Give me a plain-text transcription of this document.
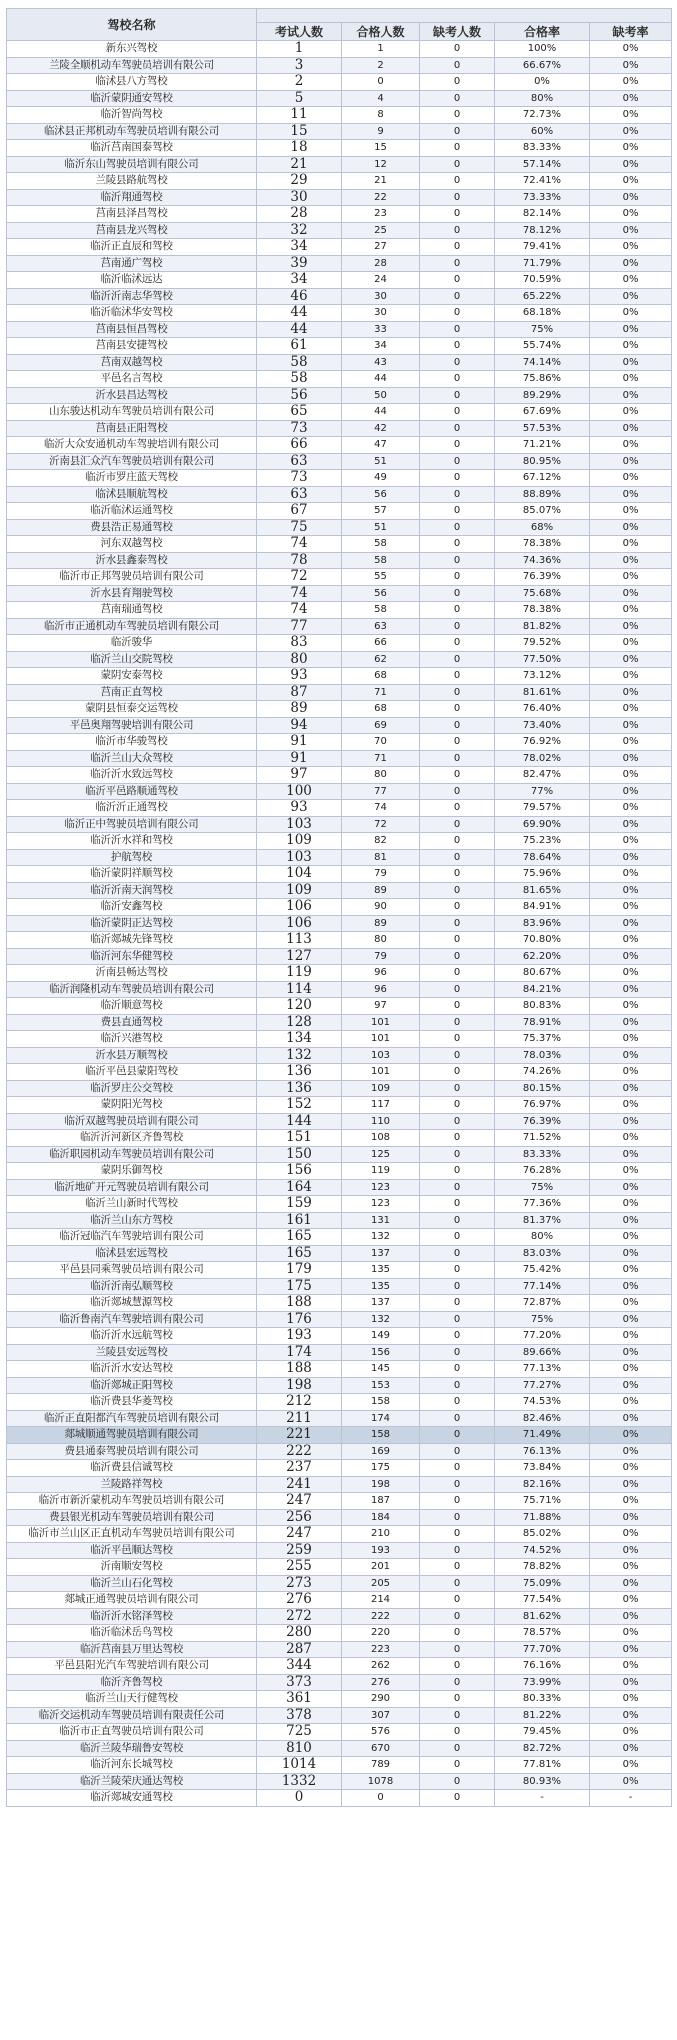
驾校名称					
	考试人数	合格人数	缺考人数	合格率	缺考率
新东兴驾校	1	1	0	100%	0%
兰陵全顺机动车驾驶员培训有限公司	3	2	0	66.67%	0%
临沭县八方驾校	2	0	0	0%	0%
临沂蒙阴通安驾校	5	4	0	80%	0%
临沂智尚驾校	11	8	0	72.73%	0%
临沭县正邦机动车驾驶员培训有限公司	15	9	0	60%	0%
临沂莒南国泰驾校	18	15	0	83.33%	0%
临沂东山驾驶员培训有限公司	21	12	0	57.14%	0%
兰陵县路航驾校	29	21	0	72.41%	0%
临沂翔通驾校	30	22	0	73.33%	0%
莒南县泽昌驾校	28	23	0	82.14%	0%
莒南县龙兴驾校	32	25	0	78.12%	0%
临沂正直辰和驾校	34	27	0	79.41%	0%
莒南通广驾校	39	28	0	71.79%	0%
临沂临沭远达	34	24	0	70.59%	0%
临沂沂南志华驾校	46	30	0	65.22%	0%
临沂临沭华安驾校	44	30	0	68.18%	0%
莒南县恒昌驾校	44	33	0	75%	0%
莒南县安捷驾校	61	34	0	55.74%	0%
莒南双越驾校	58	43	0	74.14%	0%
平邑名言驾校	58	44	0	75.86%	0%
沂水县昌达驾校	56	50	0	89.29%	0%
山东骏达机动车驾驶员培训有限公司	65	44	0	67.69%	0%
莒南县正阳驾校	73	42	0	57.53%	0%
临沂大众安通机动车驾驶培训有限公司	66	47	0	71.21%	0%
沂南县汇众汽车驾驶员培训有限公司	63	51	0	80.95%	0%
临沂市罗庄蓝天驾校	73	49	0	67.12%	0%
临沭县顺航驾校	63	56	0	88.89%	0%
临沂临沭运通驾校	67	57	0	85.07%	0%
费县浩正易通驾校	75	51	0	68%	0%
河东双越驾校	74	58	0	78.38%	0%
沂水县鑫泰驾校	78	58	0	74.36%	0%
临沂市正邦驾驶员培训有限公司	72	55	0	76.39%	0%
沂水县育翔驶驾校	74	56	0	75.68%	0%
莒南瑞通驾校	74	58	0	78.38%	0%
临沂市正通机动车驾驶员培训有限公司	77	63	0	81.82%	0%
临沂骏华	83	66	0	79.52%	0%
临沂兰山交院驾校	80	62	0	77.50%	0%
蒙阴安泰驾校	93	68	0	73.12%	0%
莒南正直驾校	87	71	0	81.61%	0%
蒙阴县恒泰交运驾校	89	68	0	76.40%	0%
平邑奥翔驾驶培训有限公司	94	69	0	73.40%	0%
临沂市华骏驾校	91	70	0	76.92%	0%
临沂兰山大众驾校	91	71	0	78.02%	0%
临沂沂水致远驾校	97	80	0	82.47%	0%
临沂平邑路顺通驾校	100	77	0	77%	0%
临沂沂正通驾校	93	74	0	79.57%	0%
临沂正中驾驶员培训有限公司	103	72	0	69.90%	0%
临沂沂水祥和驾校	109	82	0	75.23%	0%
护航驾校	103	81	0	78.64%	0%
临沂蒙阴祥顺驾校	104	79	0	75.96%	0%
临沂沂南天润驾校	109	89	0	81.65%	0%
临沂安鑫驾校	106	90	0	84.91%	0%
临沂蒙阴正达驾校	106	89	0	83.96%	0%
临沂郯城先锋驾校	113	80	0	70.80%	0%
临沂河东华健驾校	127	79	0	62.20%	0%
沂南县畅达驾校	119	96	0	80.67%	0%
临沂润隆机动车驾驶员培训有限公司	114	96	0	84.21%	0%
临沂顺意驾校	120	97	0	80.83%	0%
费县直通驾校	128	101	0	78.91%	0%
临沂兴港驾校	134	101	0	75.37%	0%
沂水县万顺驾校	132	103	0	78.03%	0%
临沂平邑县蒙阳驾校	136	101	0	74.26%	0%
临沂罗庄公交驾校	136	109	0	80.15%	0%
蒙阴阳光驾校	152	117	0	76.97%	0%
临沂双越驾驶员培训有限公司	144	110	0	76.39%	0%
临沂沂河新区齐鲁驾校	151	108	0	71.52%	0%
临沂职园机动车驾驶员培训有限公司	150	125	0	83.33%	0%
蒙阴乐御驾校	156	119	0	76.28%	0%
临沂地矿开元驾驶员培训有限公司	164	123	0	75%	0%
临沂兰山新时代驾校	159	123	0	77.36%	0%
临沂兰山东方驾校	161	131	0	81.37%	0%
临沂冠临汽车驾驶培训有限公司	165	132	0	80%	0%
临沭县宏远驾校	165	137	0	83.03%	0%
平邑县同乘驾驶员培训有限公司	179	135	0	75.42%	0%
临沂沂南弘顺驾校	175	135	0	77.14%	0%
临沂郯城慧源驾校	188	137	0	72.87%	0%
临沂鲁南汽车驾驶培训有限公司	176	132	0	75%	0%
临沂沂水远航驾校	193	149	0	77.20%	0%
兰陵县安远驾校	174	156	0	89.66%	0%
临沂沂水安达驾校	188	145	0	77.13%	0%
临沂郯城正阳驾校	198	153	0	77.27%	0%
临沂费县华菱驾校	212	158	0	74.53%	0%
临沂正直阳都汽车驾驶员培训有限公司	211	174	0	82.46%	0%
郯城顺通驾驶员培训有限公司	221	158	0	71.49%	0%
费县通泰驾驶员培训有限公司	222	169	0	76.13%	0%
临沂费县信诚驾校	237	175	0	73.84%	0%
兰陵路祥驾校	241	198	0	82.16%	0%
临沂市新沂蒙机动车驾驶员培训有限公司	247	187	0	75.71%	0%
费县银光机动车驾驶员培训有限公司	256	184	0	71.88%	0%
临沂市兰山区正直机动车驾驶员培训有限公司	247	210	0	85.02%	0%
临沂平邑顺达驾校	259	193	0	74.52%	0%
沂南顺安驾校	255	201	0	78.82%	0%
临沂兰山石化驾校	273	205	0	75.09%	0%
郯城正通驾驶员培训有限公司	276	214	0	77.54%	0%
临沂沂水铭泽驾校	272	222	0	81.62%	0%
临沂临沭岳鸟驾校	280	220	0	78.57%	0%
临沂莒南县万里达驾校	287	223	0	77.70%	0%
平邑县阳光汽车驾驶培训有限公司	344	262	0	76.16%	0%
临沂齐鲁驾校	373	276	0	73.99%	0%
临沂兰山天行健驾校	361	290	0	80.33%	0%
临沂交运机动车驾驶员培训有限责任公司	378	307	0	81.22%	0%
临沂市正直驾驶员培训有限公司	725	576	0	79.45%	0%
临沂兰陵华瑞鲁安驾校	810	670	0	82.72%	0%
临沂河东长城驾校	1014	789	0	77.81%	0%
临沂兰陵荣庆通达驾校	1332	1078	0	80.93%	0%
临沂郯城安通驾校	0	0	0	-	-
